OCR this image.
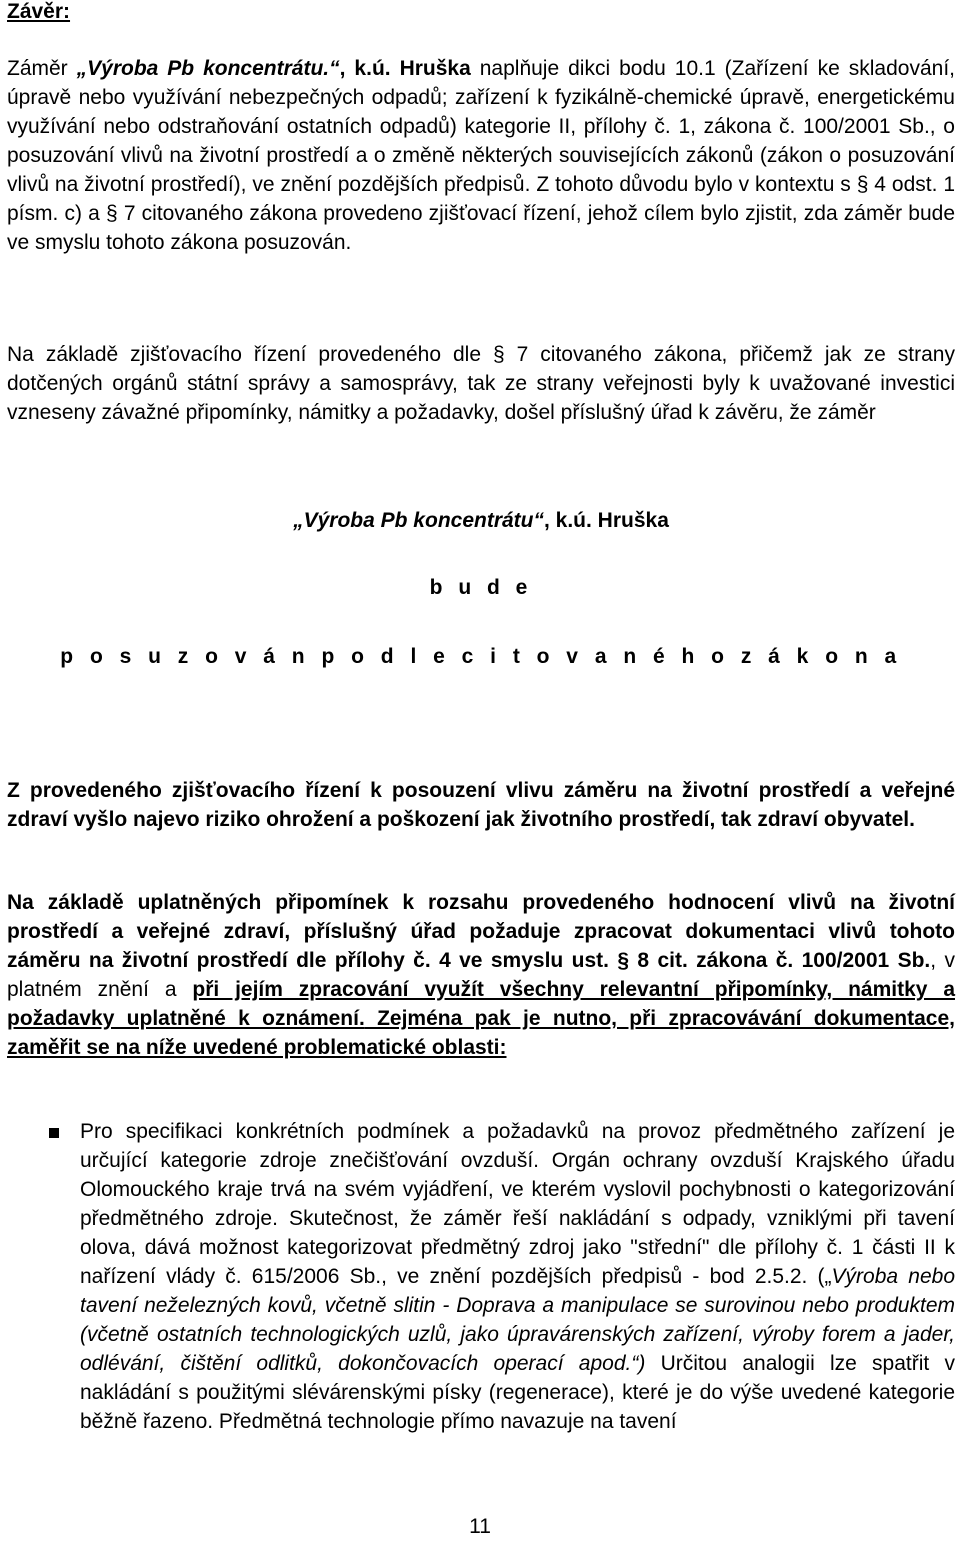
Závěr:

Záměr „Výroba Pb koncentrátu.“, k.ú. Hruška naplňuje dikci bodu 10.1 (Zařízení ke skladování, úpravě nebo využívání nebezpečných odpadů; zařízení k fyzikálně-chemické úpravě, energetickému využívání nebo odstraňování ostatních odpadů) kategorie II, přílohy č. 1, zákona č. 100/2001 Sb., o posuzování vlivů na životní prostředí a o změně některých souvisejících zákonů (zákon o posuzování vlivů na životní prostředí), ve znění pozdějších předpisů. Z tohoto důvodu bylo v kontextu s § 4 odst. 1 písm. c) a § 7 citovaného zákona provedeno zjišťovací řízení, jehož cílem bylo zjistit, zda záměr bude ve smyslu tohoto zákona posuzován.

Na základě zjišťovacího řízení provedeného dle § 7 citovaného zákona, přičemž jak ze strany dotčených orgánů státní správy a samosprávy, tak ze strany veřejnosti byly k uvažované investici vzneseny závažné připomínky, námitky a požadavky, došel příslušný úřad k závěru, že záměr

„Výroba Pb koncentrátu“, k.ú. Hruška
b u d e
p o s u z o v á n p o d l e c i t o v a n é h o z á k o n a

Z provedeného zjišťovacího řízení k posouzení vlivu záměru na životní prostředí a veřejné zdraví vyšlo najevo riziko ohrožení a poškození jak životního prostředí, tak zdraví obyvatel.

Na základě uplatněných připomínek k rozsahu provedeného hodnocení vlivů na životní prostředí a veřejné zdraví, příslušný úřad požaduje zpracovat dokumentaci vlivů tohoto záměru na životní prostředí dle přílohy č. 4 ve smyslu ust. § 8 cit. zákona č. 100/2001 Sb., v platném znění a při jejím zpracování využít všechny relevantní připomínky, námitky a požadavky uplatněné k oznámení. Zejména pak je nutno, při zpracovávání dokumentace, zaměřit se na níže uvedené problematické oblasti:

Pro specifikaci konkrétních podmínek a požadavků na provoz předmětného zařízení je určující kategorie zdroje znečišťování ovzduší. Orgán ochrany ovzduší Krajského úřadu Olomouckého kraje trvá na svém vyjádření, ve kterém vyslovil pochybnosti o kategorizování předmětného zdroje. Skutečnost, že záměr řeší nakládání s odpady, vzniklými při tavení olova, dává možnost kategorizovat předmětný zdroj jako "střední" dle přílohy č. 1 části II k nařízení vlády č. 615/2006 Sb., ve znění pozdějších předpisů - bod 2.5.2. („Výroba nebo tavení neželezných kovů, včetně slitin - Doprava a manipulace se surovinou nebo produktem (včetně ostatních technologických uzlů, jako úpravárenských zařízení, výroby forem a jader, odlévání, čištění odlitků, dokončovacích operací apod.“) Určitou analogii lze spatřit v nakládání s použitými slévárenskými písky (regenerace), které je do výše uvedené kategorie běžně řazeno. Předmětná technologie přímo navazuje na tavení

11
